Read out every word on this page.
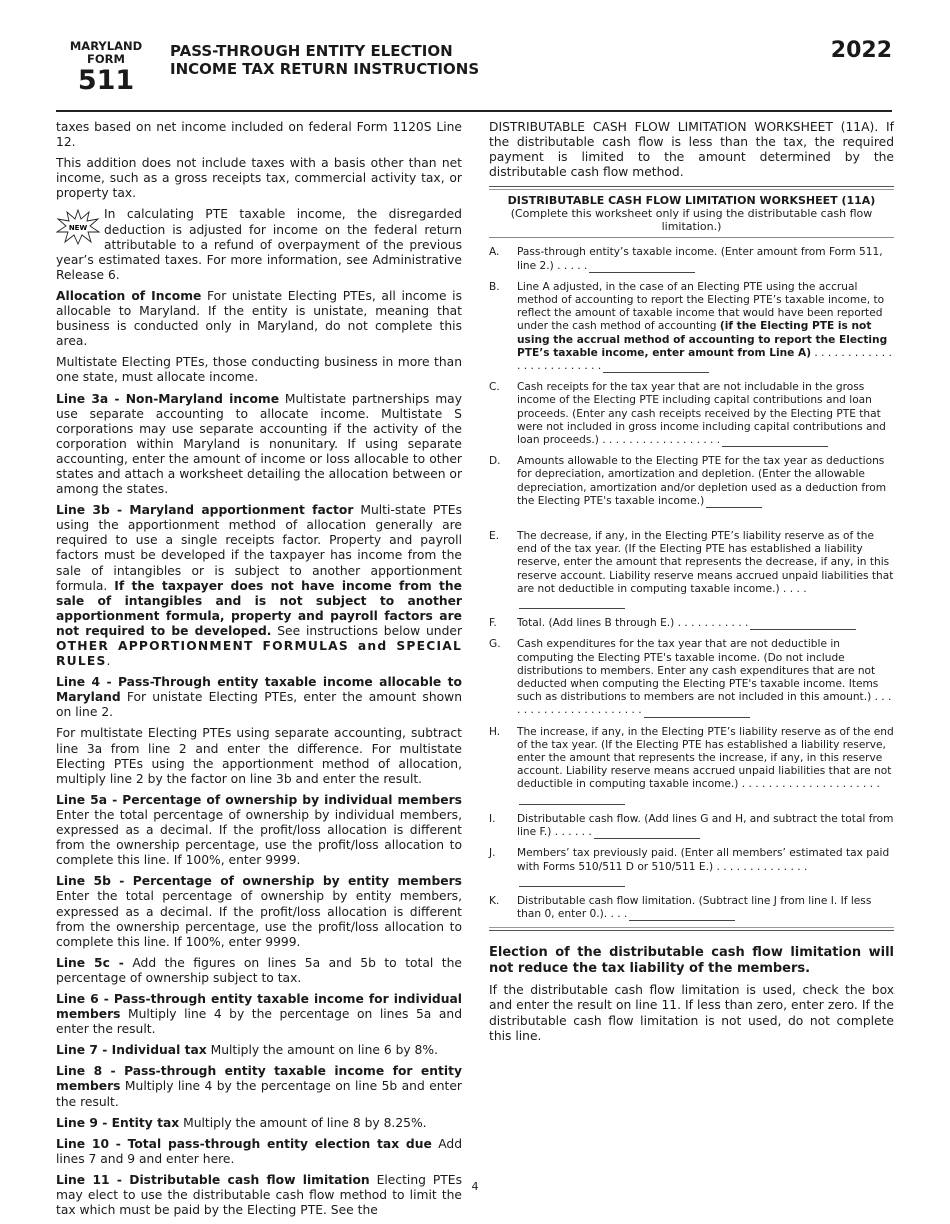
MARYLAND
FORM
511
PASS-THROUGH ENTITY ELECTION
INCOME TAX RETURN INSTRUCTIONS
2022

taxes based on net income included on federal Form 1120S Line 12.

This addition does not include taxes with a basis other than net income, such as a gross receipts tax, commercial activity tax, or property tax.

NEW
In calculating PTE taxable income, the disregarded deduction is adjusted for income on the federal return attributable to a refund of overpayment of the previous year’s estimated taxes. For more information, see Administrative Release 6.

Allocation of Income For unistate Electing PTEs, all income is allocable to Maryland. If the entity is unistate, meaning that business is conducted only in Maryland, do not complete this area.

Multistate Electing PTEs, those conducting business in more than one state, must allocate income.

Line 3a - Non-Maryland income Multistate partnerships may use separate accounting to allocate income. Multistate S corporations may use separate accounting if the activity of the corporation within Maryland is nonunitary. If using separate accounting, enter the amount of income or loss allocable to other states and attach a worksheet detailing the allocation between or among the states.

Line 3b - Maryland apportionment factor Multi-state PTEs using the apportionment method of allocation generally are required to use a single receipts factor. Property and payroll factors must be developed if the taxpayer has income from the sale of intangibles or is subject to another apportionment formula. If the taxpayer does not have income from the sale of intangibles and is not subject to another apportionment formula, property and payroll factors are not required to be developed. See instructions below under OTHER APPORTIONMENT FORMULAS and SPECIAL RULES.

Line 4 - Pass-Through entity taxable income allocable to Maryland For unistate Electing PTEs, enter the amount shown on line 2.

For multistate Electing PTEs using separate accounting, subtract line 3a from line 2 and enter the difference. For multistate Electing PTEs using the apportionment method of allocation, multiply line 2 by the factor on line 3b and enter the result.

Line 5a - Percentage of ownership by individual members Enter the total percentage of ownership by individual members, expressed as a decimal. If the profit/loss allocation is different from the ownership percentage, use the profit/loss allocation to complete this line. If 100%, enter 9999.

Line 5b - Percentage of ownership by entity members Enter the total percentage of ownership by entity members, expressed as a decimal. If the profit/loss allocation is different from the ownership percentage, use the profit/loss allocation to complete this line. If 100%, enter 9999.

Line 5c - Add the figures on lines 5a and 5b to total the percentage of ownership subject to tax.

Line 6 - Pass-through entity taxable income for individual members Multiply line 4 by the percentage on lines 5a and enter the result.

Line 7 - Individual tax Multiply the amount on line 6 by 8%.

Line 8 - Pass-through entity taxable income for entity members Multiply line 4 by the percentage on line 5b and enter the result.

Line 9 - Entity tax Multiply the amount of line 8 by 8.25%.

Line 10 - Total pass-through entity election tax due Add lines 7 and 9 and enter here.

Line 11 - Distributable cash flow limitation Electing PTEs may elect to use the distributable cash flow method to limit the tax which must be paid by the Electing PTE. See the

DISTRIBUTABLE CASH FLOW LIMITATION WORKSHEET (11A). If the distributable cash flow is less than the tax, the required payment is limited to the amount determined by the distributable cash flow method.

DISTRIBUTABLE CASH FLOW LIMITATION WORKSHEET (11A)
(Complete this worksheet only if using the distributable cash flow limitation.)
A.	Pass-through entity’s taxable income. (Enter amount from Form 511, line 2.) . . . . .
B.	Line A adjusted, in the case of an Electing PTE using the accrual method of accounting to report the Electing PTE’s taxable income, to reflect the amount of taxable income that would have been reported under the cash method of accounting (if the Electing PTE is not using the accrual method of accounting to report the Electing PTE’s taxable income, enter amount from Line A) . . . . . . . . . . . . . . . . . . . . . . . . .
C.	Cash receipts for the tax year that are not includable in the gross income of the Electing PTE including capital contributions and loan proceeds. (Enter any cash receipts received by the Electing PTE that were not included in gross income including capital contributions and loan proceeds.) . . . . . . . . . . . . . . . . . .
D.	Amounts allowable to the Electing PTE for the tax year as deductions for depreciation, amortization and depletion. (Enter the allowable depreciation, amortization and/or depletion used as a deduction from the Electing PTE's taxable income.)
E.	The decrease, if any, in the Electing PTE’s liability reserve as of the end of the tax year. (If the Electing PTE has established a liability reserve, enter the amount that represents the decrease, if any, in this reserve account. Liability reserve means accrued unpaid liabilities that are not deductible in computing taxable income.) . . . .
F.	Total. (Add lines B through E.) . . . . . . . . . . .
G.	Cash expenditures for the tax year that are not deductible in computing the Electing PTE's taxable income. (Do not include distributions to members. Enter any cash expenditures that are not deducted when computing the Electing PTE's taxable income. Items such as distributions to members are not included in this amount.) . . . . . . . . . . . . . . . . . . . . . .
H.	The increase, if any, in the Electing PTE’s liability reserve as of the end of the tax year. (If the Electing PTE has established a liability reserve, enter the amount that represents the increase, if any, in this reserve account. Liability reserve means accrued unpaid liabilities that are not deductible in computing taxable income.) . . . . . . . . . . . . . . . . . . . . .
I.	Distributable cash flow. (Add lines G and H, and subtract the total from line F.) . . . . . .
J.	Members’ tax previously paid. (Enter all members’ estimated tax paid with Forms 510/511 D or 510/511 E.) . . . . . . . . . . . . . .
K.	Distributable cash flow limitation. (Subtract line J from line I. If less than 0, enter 0.). . . .
Election of the distributable cash flow limitation will not reduce the tax liability of the members.

If the distributable cash flow limitation is used, check the box and enter the result on line 11. If less than zero, enter zero. If the distributable cash flow limitation is not used, do not complete this line.

4
